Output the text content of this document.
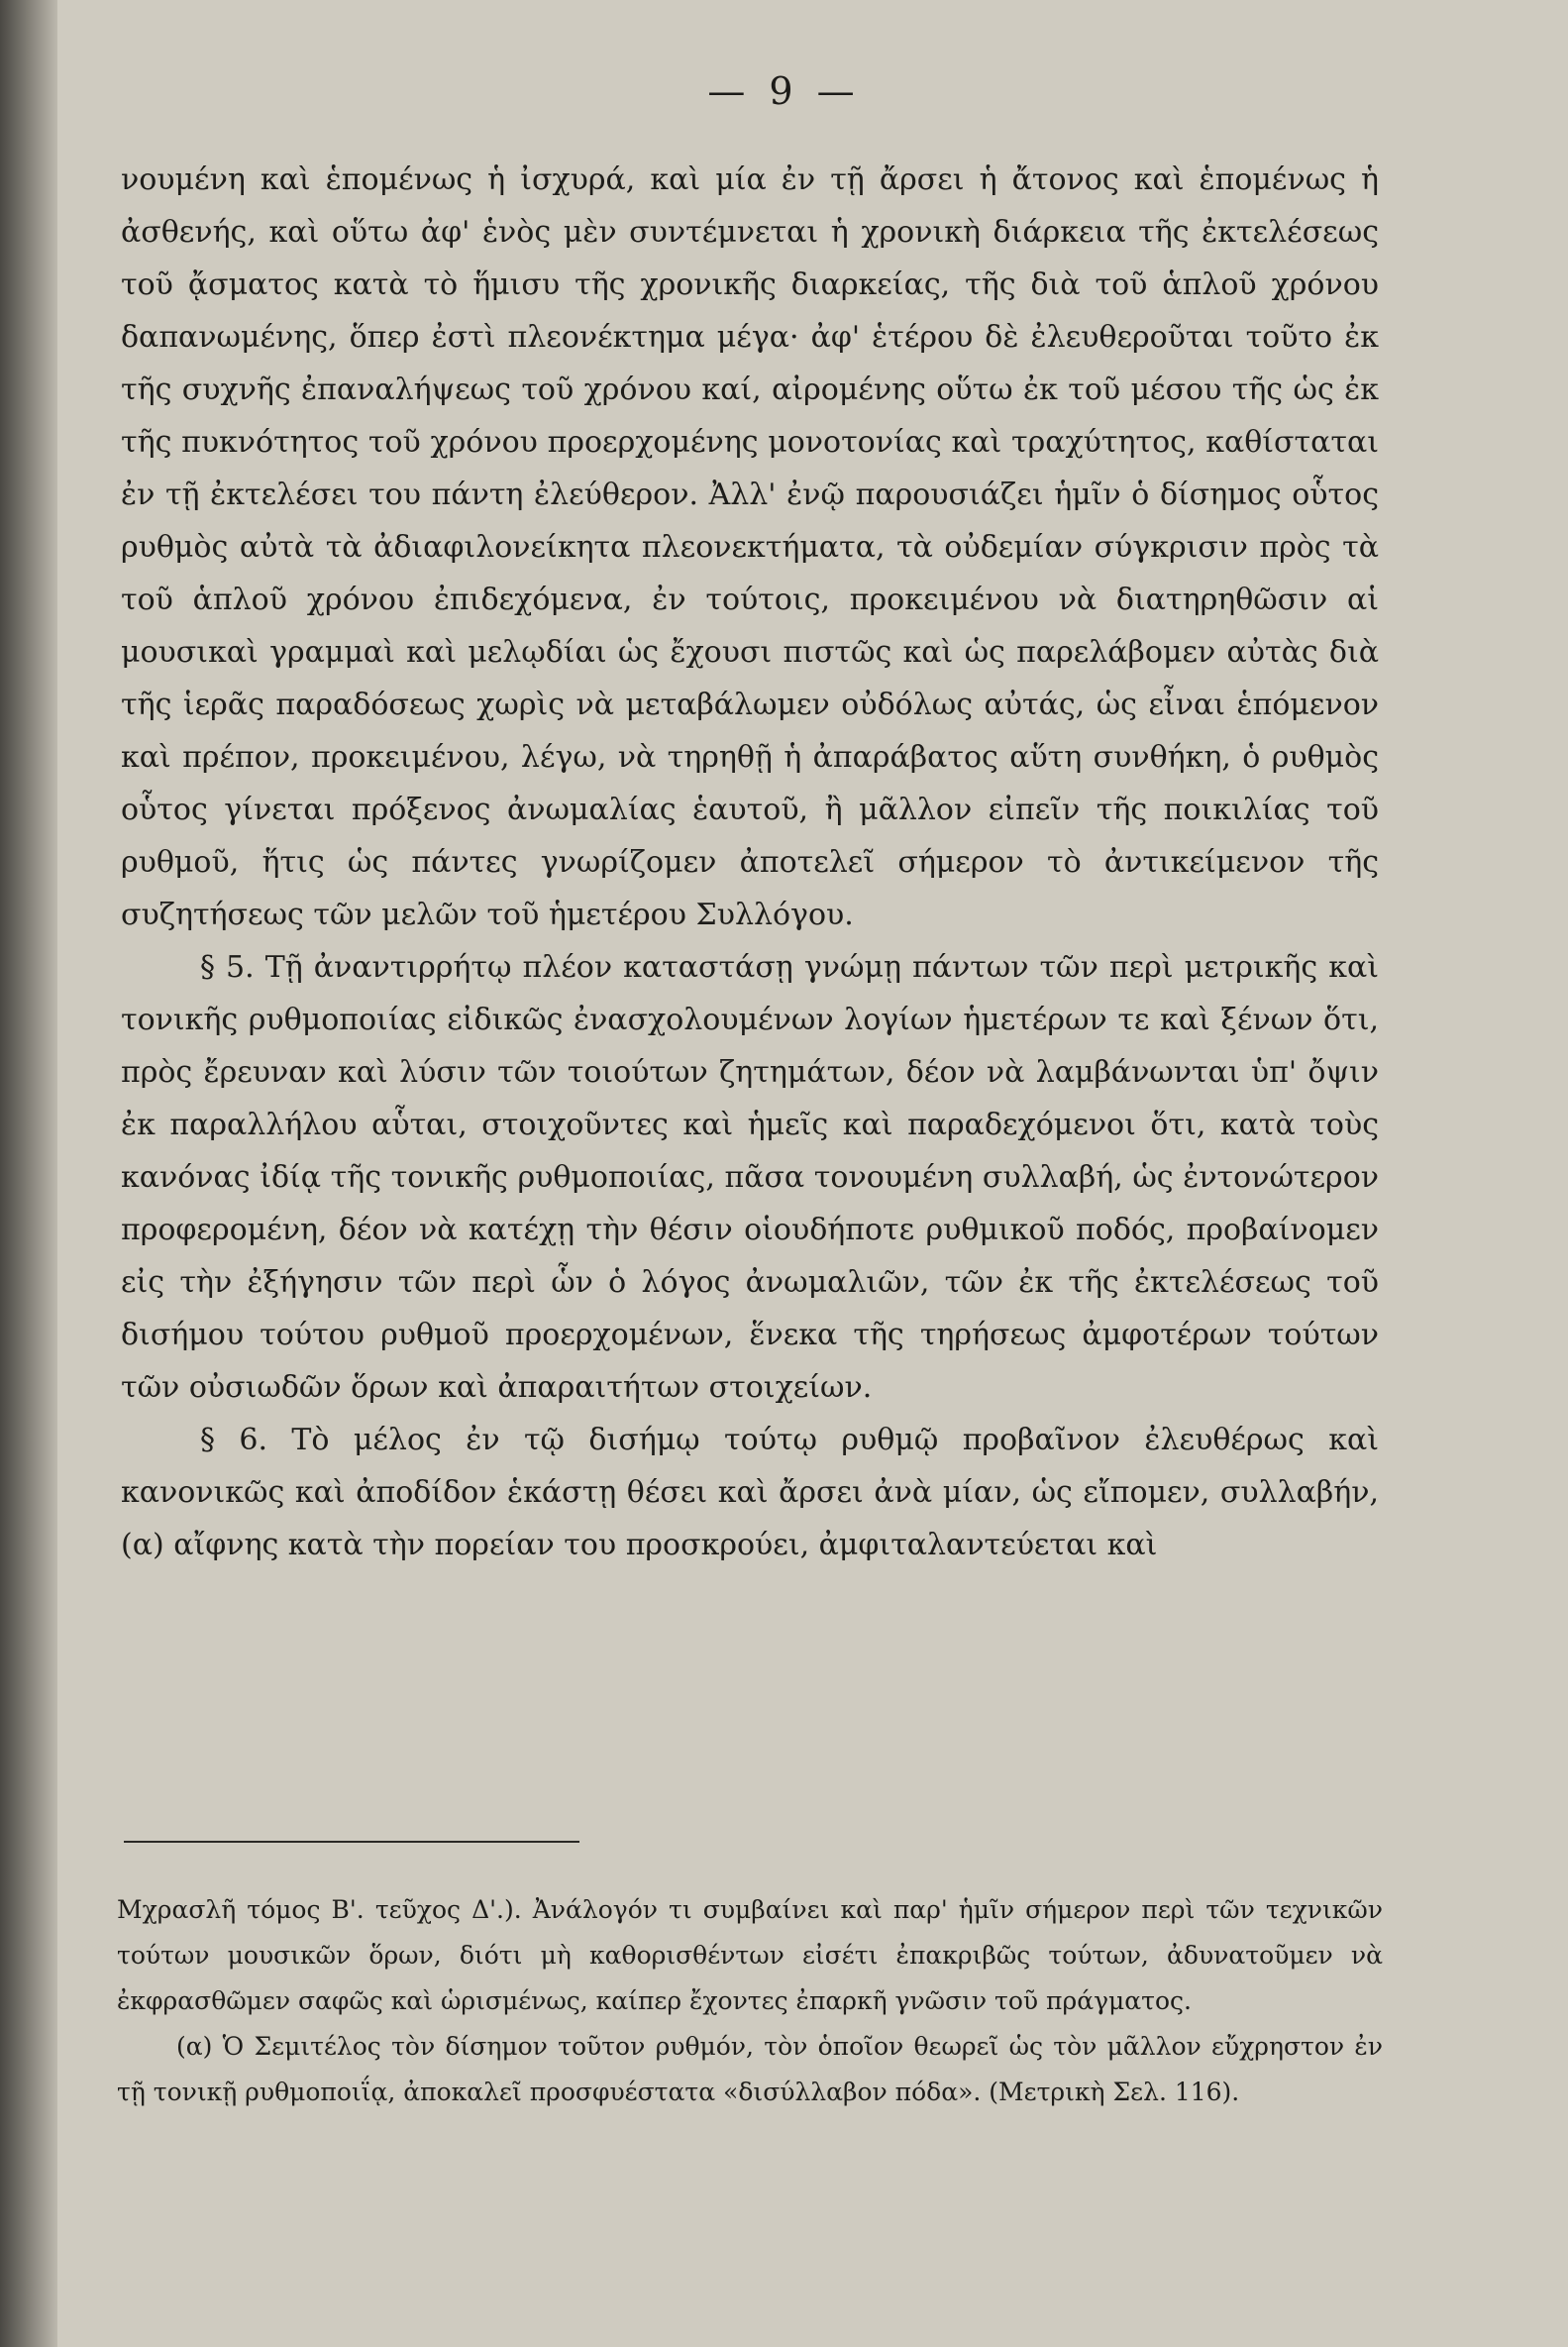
— 9 —

νουμένη καὶ ἑπομένως ἡ ἰσχυρά, καὶ μία ἐν τῇ ἄρσει ἡ ἄτονος καὶ ἑπομένως ἡ ἀσθενής, καὶ οὕτω ἀφ' ἑνὸς μὲν συντέμνεται ἡ χρονικὴ διάρκεια τῆς ἐκτελέσεως τοῦ ᾄσματος κατὰ τὸ ἥμισυ τῆς χρονικῆς διαρκείας, τῆς διὰ τοῦ ἁπλοῦ χρόνου δαπανωμένης, ὅπερ ἐστὶ πλεονέκτημα μέγα· ἀφ' ἑτέρου δὲ ἐλευθεροῦται τοῦτο ἐκ τῆς συχνῆς ἐπαναλήψεως τοῦ χρόνου καί, αἰρομένης οὕτω ἐκ τοῦ μέσου τῆς ὡς ἐκ τῆς πυκνότητος τοῦ χρόνου προερχομένης μονοτονίας καὶ τραχύτητος, καθίσταται ἐν τῇ ἐκτελέσει του πάντη ἐλεύθερον. Ἀλλ' ἐνῷ παρουσιάζει ἡμῖν ὁ δίσημος οὗτος ρυθμὸς αὐτὰ τὰ ἀδιαφιλονείκητα πλεονεκτήματα, τὰ οὐδεμίαν σύγκρισιν πρὸς τὰ τοῦ ἁπλοῦ χρόνου ἐπιδεχόμενα, ἐν τούτοις, προκειμένου νὰ διατηρηθῶσιν αἱ μουσικαὶ γραμμαὶ καὶ μελῳδίαι ὡς ἔχουσι πιστῶς καὶ ὡς παρελάβομεν αὐτὰς διὰ τῆς ἱερᾶς παραδόσεως χωρὶς νὰ μεταβάλωμεν οὐδόλως αὐτάς, ὡς εἶναι ἑπόμενον καὶ πρέπον, προκειμένου, λέγω, νὰ τηρηθῇ ἡ ἀπαράβατος αὕτη συνθήκη, ὁ ρυθμὸς οὗτος γίνεται πρόξενος ἀνωμαλίας ἑαυτοῦ, ἢ μᾶλλον εἰπεῖν τῆς ποικιλίας τοῦ ρυθμοῦ, ἥτις ὡς πάντες γνωρίζομεν ἀποτελεῖ σήμερον τὸ ἀντικείμενον τῆς συζητήσεως τῶν μελῶν τοῦ ἡμετέρου Συλλόγου.

§ 5. Τῇ ἀναντιρρήτῳ πλέον καταστάσῃ γνώμῃ πάντων τῶν περὶ μετρικῆς καὶ τονικῆς ρυθμοποιίας εἰδικῶς ἐνασχολουμένων λογίων ἡμετέρων τε καὶ ξένων ὅτι, πρὸς ἔρευναν καὶ λύσιν τῶν τοιούτων ζητημάτων, δέον νὰ λαμβάνωνται ὑπ' ὄψιν ἐκ παραλλήλου αὗται, στοιχοῦντες καὶ ἡμεῖς καὶ παραδεχόμενοι ὅτι, κατὰ τοὺς κανόνας ἰδίᾳ τῆς τονικῆς ρυθμοποιίας, πᾶσα τονουμένη συλλαβή, ὡς ἐντονώτερον προφερομένη, δέον νὰ κατέχῃ τὴν θέσιν οἱουδήποτε ρυθμικοῦ ποδός, προβαίνομεν εἰς τὴν ἐξήγησιν τῶν περὶ ὧν ὁ λόγος ἀνωμαλιῶν, τῶν ἐκ τῆς ἐκτελέσεως τοῦ δισήμου τούτου ρυθμοῦ προερχομένων, ἕνεκα τῆς τηρήσεως ἀμφοτέρων τούτων τῶν οὐσιωδῶν ὅρων καὶ ἀπαραιτήτων στοιχείων.

§ 6. Τὸ μέλος ἐν τῷ δισήμῳ τούτῳ ρυθμῷ προβαῖνον ἐλευθέρως καὶ κανονικῶς καὶ ἀποδίδον ἑκάστῃ θέσει καὶ ἄρσει ἀνὰ μίαν, ὡς εἴπομεν, συλλαβήν, (α) αἴφνης κατὰ τὴν πορείαν του προσκρούει, ἀμφιταλαντεύεται καὶ

Μχρασλῆ τόμος Β'. τεῦχος Δ'.). Ἀνάλογόν τι συμβαίνει καὶ παρ' ἡμῖν σήμερον περὶ τῶν τεχνικῶν τούτων μουσικῶν ὅρων, διότι μὴ καθορισθέντων εἰσέτι ἐπακριβῶς τούτων, ἀδυνατοῦμεν νὰ ἐκφρασθῶμεν σαφῶς καὶ ὡρισμένως, καίπερ ἔχοντες ἐπαρκῆ γνῶσιν τοῦ πράγματος.

(α) Ὁ Σεμιτέλος τὸν δίσημον τοῦτον ρυθμόν, τὸν ὁποῖον θεωρεῖ ὡς τὸν μᾶλλον εὔχρηστον ἐν τῇ τονικῇ ρυθμοποιΐᾳ, ἀποκαλεῖ προσφυέστατα «δισύλλαβον πόδα». (Μετρικὴ Σελ. 116).
